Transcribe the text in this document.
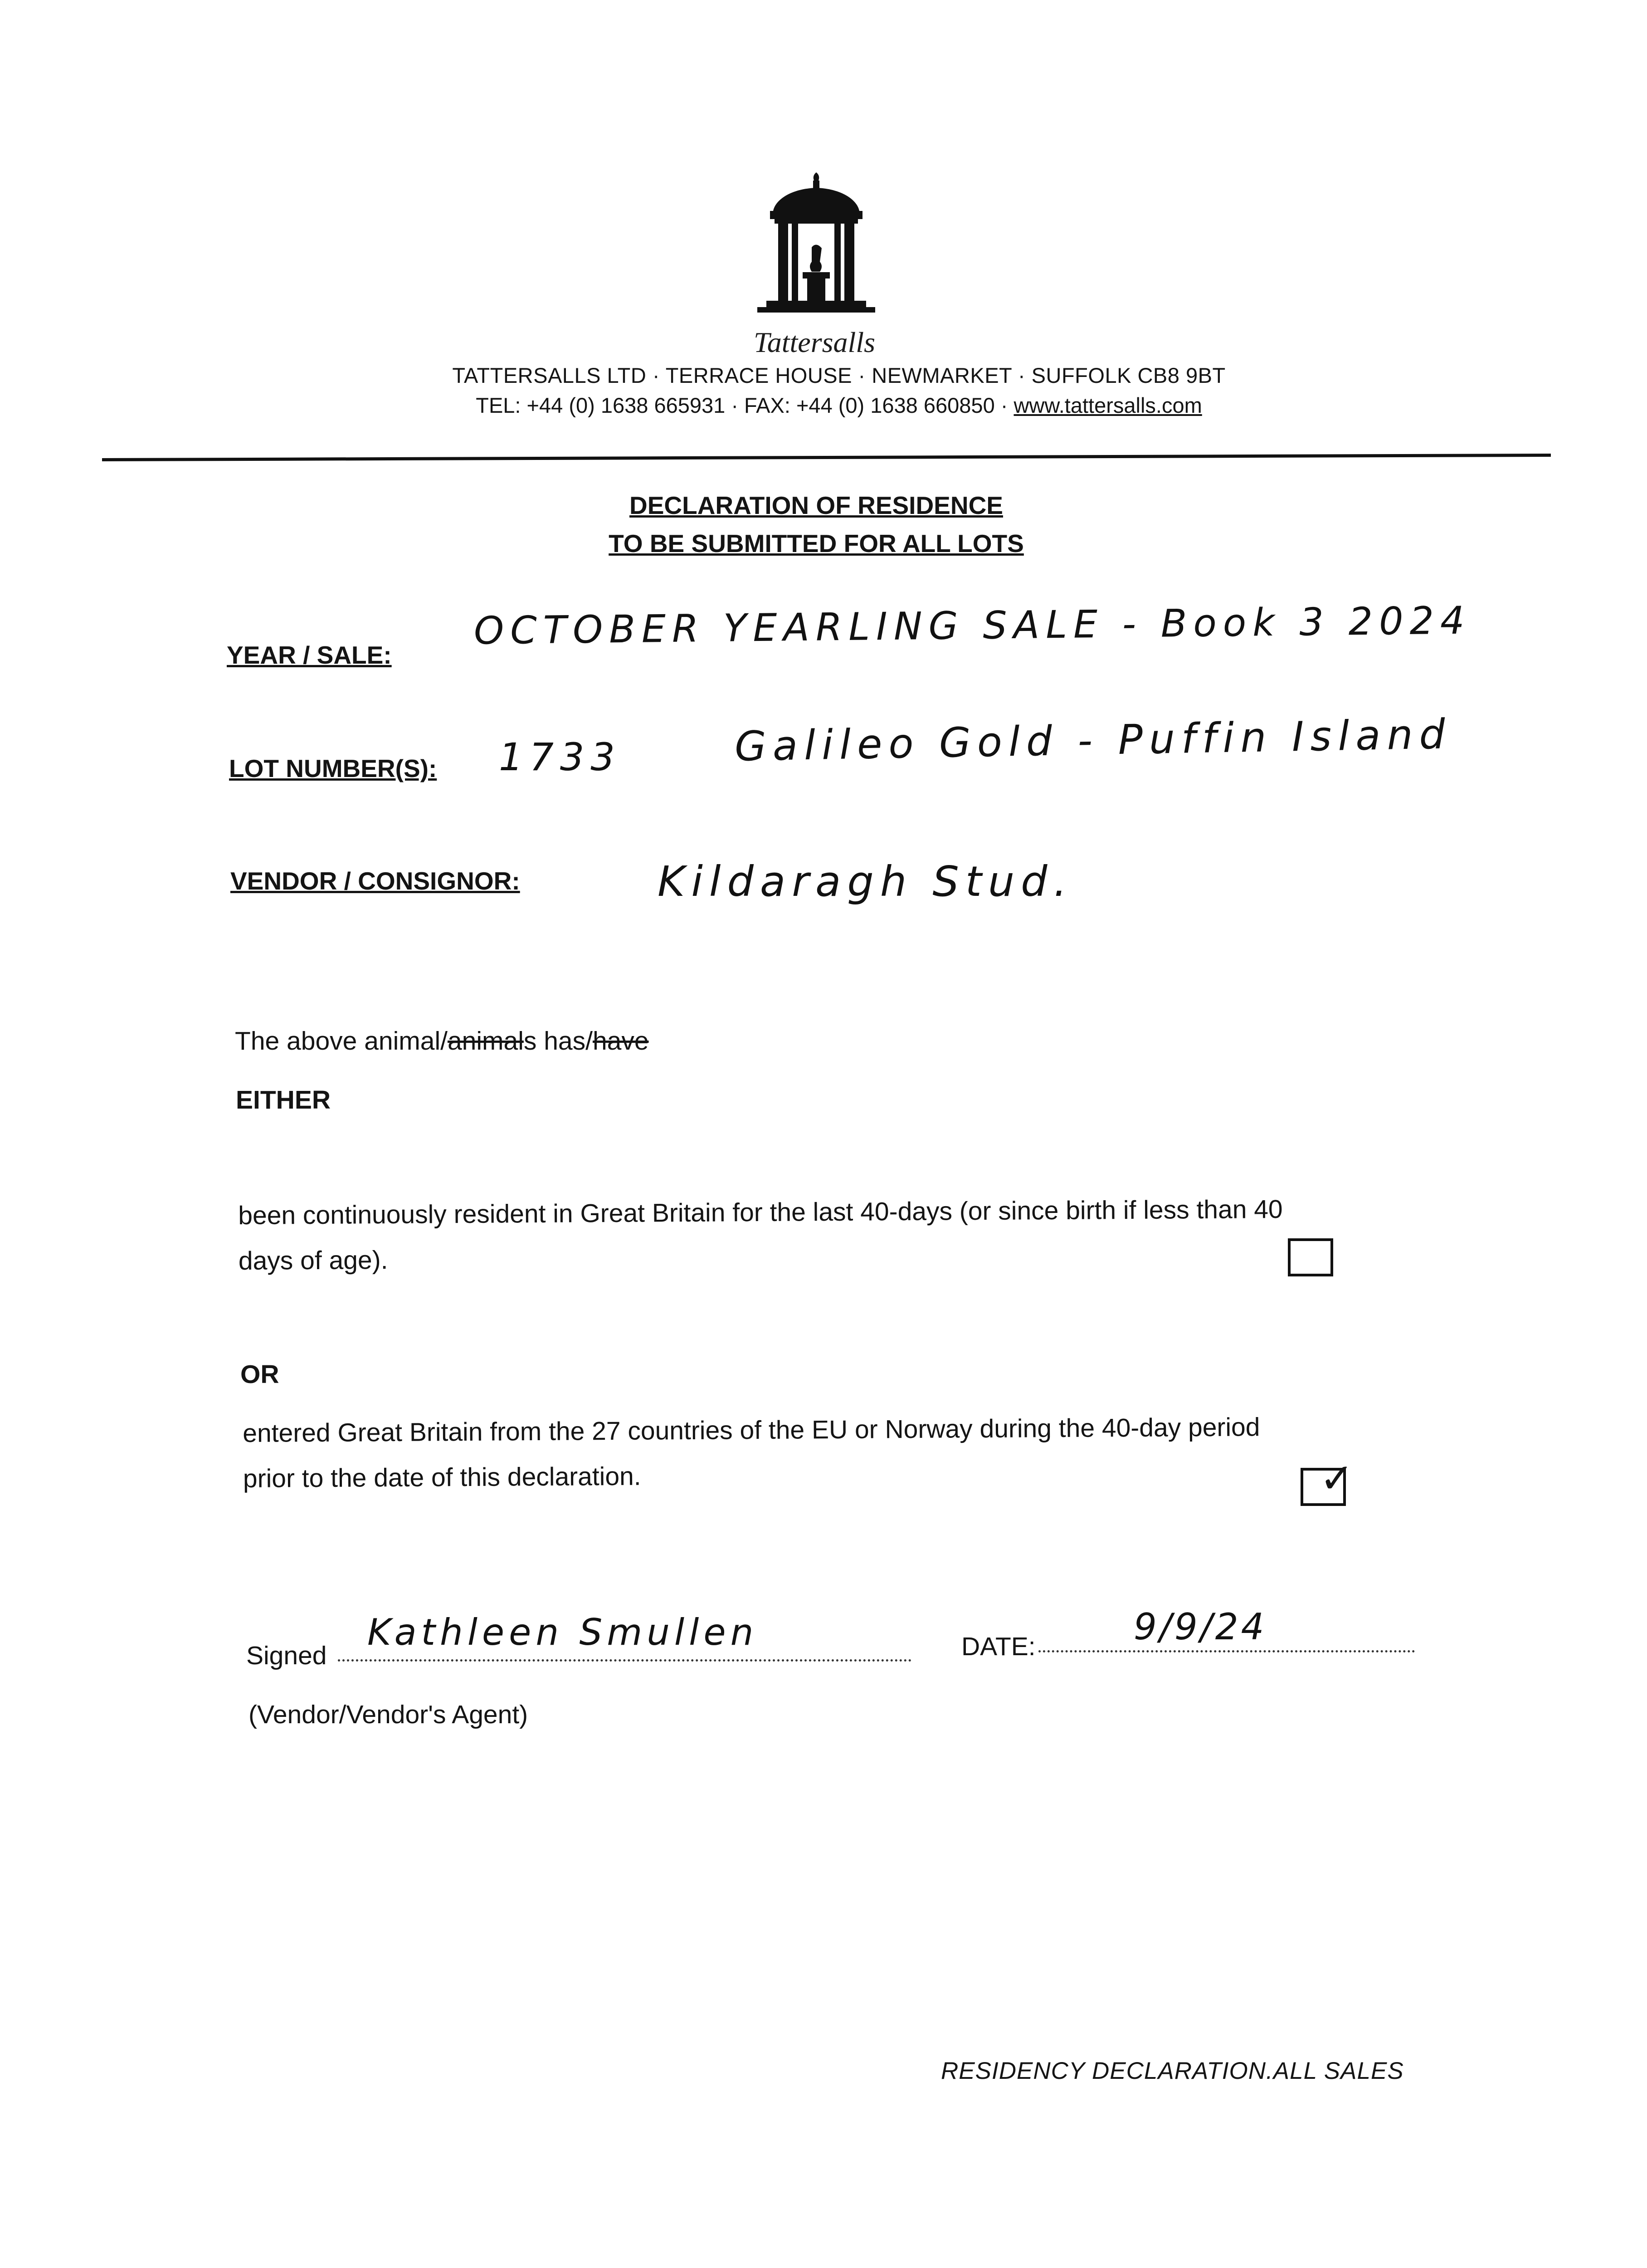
Tattersalls
TATTERSALLS LTD · TERRACE HOUSE · NEWMARKET · SUFFOLK CB8 9BT
TEL: +44 (0) 1638 665931 · FAX: +44 (0) 1638 660850 · www.tattersalls.com
DECLARATION OF RESIDENCE
TO BE SUBMITTED FOR ALL LOTS
YEAR / SALE:
OCTOBER YEARLING SALE - Book 3 2024
LOT NUMBER(S): 1733	Galileo Gold - Puffin Island
VENDOR / CONSIGNOR:	Kildaragh Stud.
The above animal/animals has/have
EITHER
been continuously resident in Great Britain for the last 40-days (or since birth if less than 40
days of age).
OR
entered Great Britain from the 27 countries of the EU or Norway during the 40-day period
prior to the date of this declaration.	✓
Signed
Kathleen Smullen	DATE:	9/9/24
(Vendor/Vendor's Agent)
RESIDENCY DECLARATION.ALL SALES
